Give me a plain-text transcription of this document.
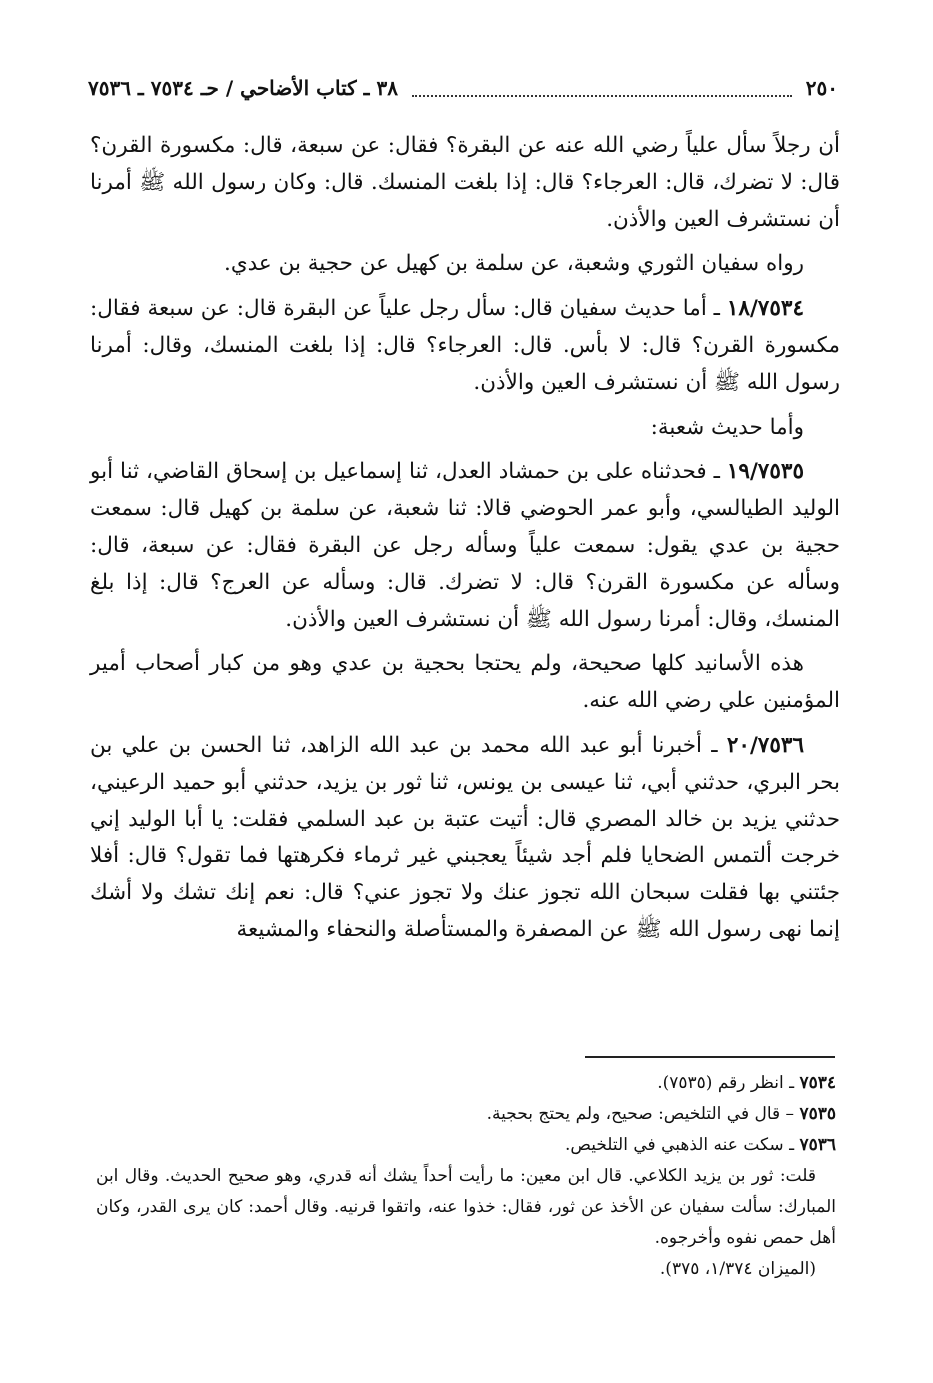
٢٥٠
٣٨ ـ كتاب الأضاحي / حـ ٧٥٣٤ ـ ٧٥٣٦

أن رجلاً سأل علياً رضي الله عنه عن البقرة؟ فقال: عن سبعة، قال: مكسورة القرن؟ قال: لا تضرك، قال: العرجاء؟ قال: إذا بلغت المنسك. قال: وكان رسول الله ﷺ أمرنا أن نستشرف العين والأذن.

رواه سفيان الثوري وشعبة، عن سلمة بن كهيل عن حجية بن عدي.

١٨/٧٥٣٤ ـ أما حديث سفيان قال: سأل رجل علياً عن البقرة قال: عن سبعة فقال: مكسورة القرن؟ قال: لا بأس. قال: العرجاء؟ قال: إذا بلغت المنسك، وقال: أمرنا رسول الله ﷺ أن نستشرف العين والأذن.

وأما حديث شعبة:

١٩/٧٥٣٥ ـ فحدثناه على بن حمشاد العدل، ثنا إسماعيل بن إسحاق القاضي، ثنا أبو الوليد الطيالسي، وأبو عمر الحوضي قالا: ثنا شعبة، عن سلمة بن كهيل قال: سمعت حجية بن عدي يقول: سمعت علياً وسأله رجل عن البقرة فقال: عن سبعة، قال: وسأله عن مكسورة القرن؟ قال: لا تضرك. قال: وسأله عن العرج؟ قال: إذا بلغ المنسك، وقال: أمرنا رسول الله ﷺ أن نستشرف العين والأذن.

هذه الأسانيد كلها صحيحة، ولم يحتجا بحجية بن عدي وهو من كبار أصحاب أمير المؤمنين علي رضي الله عنه.

٢٠/٧٥٣٦ ـ أخبرنا أبو عبد الله محمد بن عبد الله الزاهد، ثنا الحسن بن علي بن بحر البري، حدثني أبي، ثنا عيسى بن يونس، ثنا ثور بن يزيد، حدثني أبو حميد الرعيني، حدثني يزيد بن خالد المصري قال: أتيت عتبة بن عبد السلمي فقلت: يا أبا الوليد إني خرجت ألتمس الضحايا فلم أجد شيئاً يعجبني غير ثرماء فكرهتها فما تقول؟ قال: أفلا جئتني بها فقلت سبحان الله تجوز عنك ولا تجوز عني؟ قال: نعم إنك تشك ولا أشك إنما نهى رسول الله ﷺ عن المصفرة والمستأصلة والنحفاء والمشيعة

٧٥٣٤ ـ انظر رقم (٧٥٣٥).

٧٥٣٥ – قال في التلخيص: صحيح، ولم يحتج بحجية.

٧٥٣٦ ـ سكت عنه الذهبي في التلخيص.

قلت: ثور بن يزيد الكلاعي. قال ابن معين: ما رأيت أحداً يشك أنه قدري، وهو صحيح الحديث. وقال ابن المبارك: سألت سفيان عن الأخذ عن ثور، فقال: خذوا عنه، واتقوا قرنيه. وقال أحمد: كان يرى القدر، وكان أهل حمص نفوه وأخرجوه.

(الميزان ١/٣٧٤، ٣٧٥).
